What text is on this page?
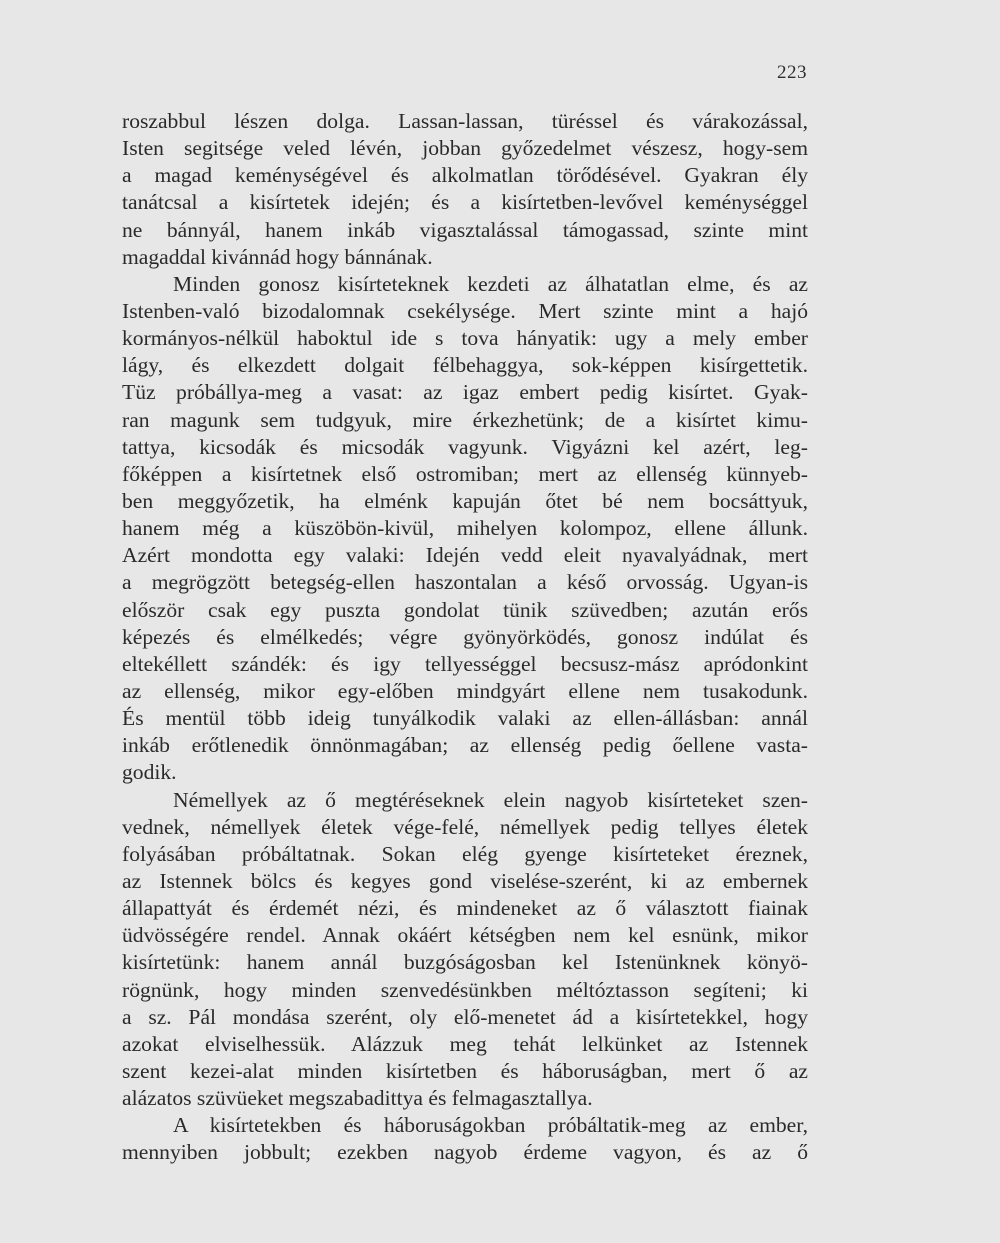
223
roszabbul lészen dolga. Lassan-lassan, türéssel és várakozással,
Isten segitsége veled lévén, jobban győzedelmet vészesz, hogy-sem
a magad keménységével és alkolmatlan törődésével. Gyakran ély
tanátcsal a kisírtetek idején; és a kisírtetben-levővel keménységgel
ne bánnyál, hanem inkáb vigasztalással támogassad, szinte mint
magaddal kivánnád hogy bánnának.
Minden gonosz kisírteteknek kezdeti az álhatatlan elme, és az
Istenben-való bizodalomnak csekélysége. Mert szinte mint a hajó
kormányos-nélkül haboktul ide s tova hányatik: ugy a mely ember
lágy, és elkezdett dolgait félbehaggya, sok-képpen kisírgettetik.
Tüz próbállya-meg a vasat: az igaz embert pedig kisírtet. Gyak-
ran magunk sem tudgyuk, mire érkezhetünk; de a kisírtet kimu-
tattya, kicsodák és micsodák vagyunk. Vigyázni kel azért, leg-
főképpen a kisírtetnek első ostromiban; mert az ellenség künnyeb-
ben meggyőzetik, ha elménk kapuján őtet bé nem bocsáttyuk,
hanem még a küszöbön-kivül, mihelyen kolompoz, ellene állunk.
Azért mondotta egy valaki: Idején vedd eleit nyavalyádnak, mert
a megrögzött betegség-ellen haszontalan a késő orvosság. Ugyan-is
először csak egy puszta gondolat tünik szüvedben; azután erős
képezés és elmélkedés; végre gyönyörködés, gonosz indúlat és
eltekéllett szándék: és igy tellyességgel becsusz-mász apródonkint
az ellenség, mikor egy-előben mindgyárt ellene nem tusakodunk.
És mentül több ideig tunyálkodik valaki az ellen-állásban: annál
inkáb erőtlenedik önnönmagában; az ellenség pedig őellene vasta-
godik.
Némellyek az ő megtéréseknek elein nagyob kisírteteket szen-
vednek, némellyek életek vége-felé, némellyek pedig tellyes életek
folyásában próbáltatnak. Sokan elég gyenge kisírteteket éreznek,
az Istennek bölcs és kegyes gond viselése-szerént, ki az embernek
állapattyát és érdemét nézi, és mindeneket az ő választott fiainak
üdvösségére rendel. Annak okáért kétségben nem kel esnünk, mikor
kisírtetünk: hanem annál buzgóságosban kel Istenünknek könyö-
rögnünk, hogy minden szenvedésünkben méltóztasson segíteni; ki
a sz. Pál mondása szerént, oly elő-menetet ád a kisírtetekkel, hogy
azokat elviselhessük. Alázzuk meg tehát lelkünket az Istennek
szent kezei-alat minden kisírtetben és háboruságban, mert ő az
alázatos szüvüeket megszabadittya és felmagasztallya.
A kisírtetekben és háboruságokban próbáltatik-meg az ember,
mennyiben jobbult; ezekben nagyob érdeme vagyon, és az ő
